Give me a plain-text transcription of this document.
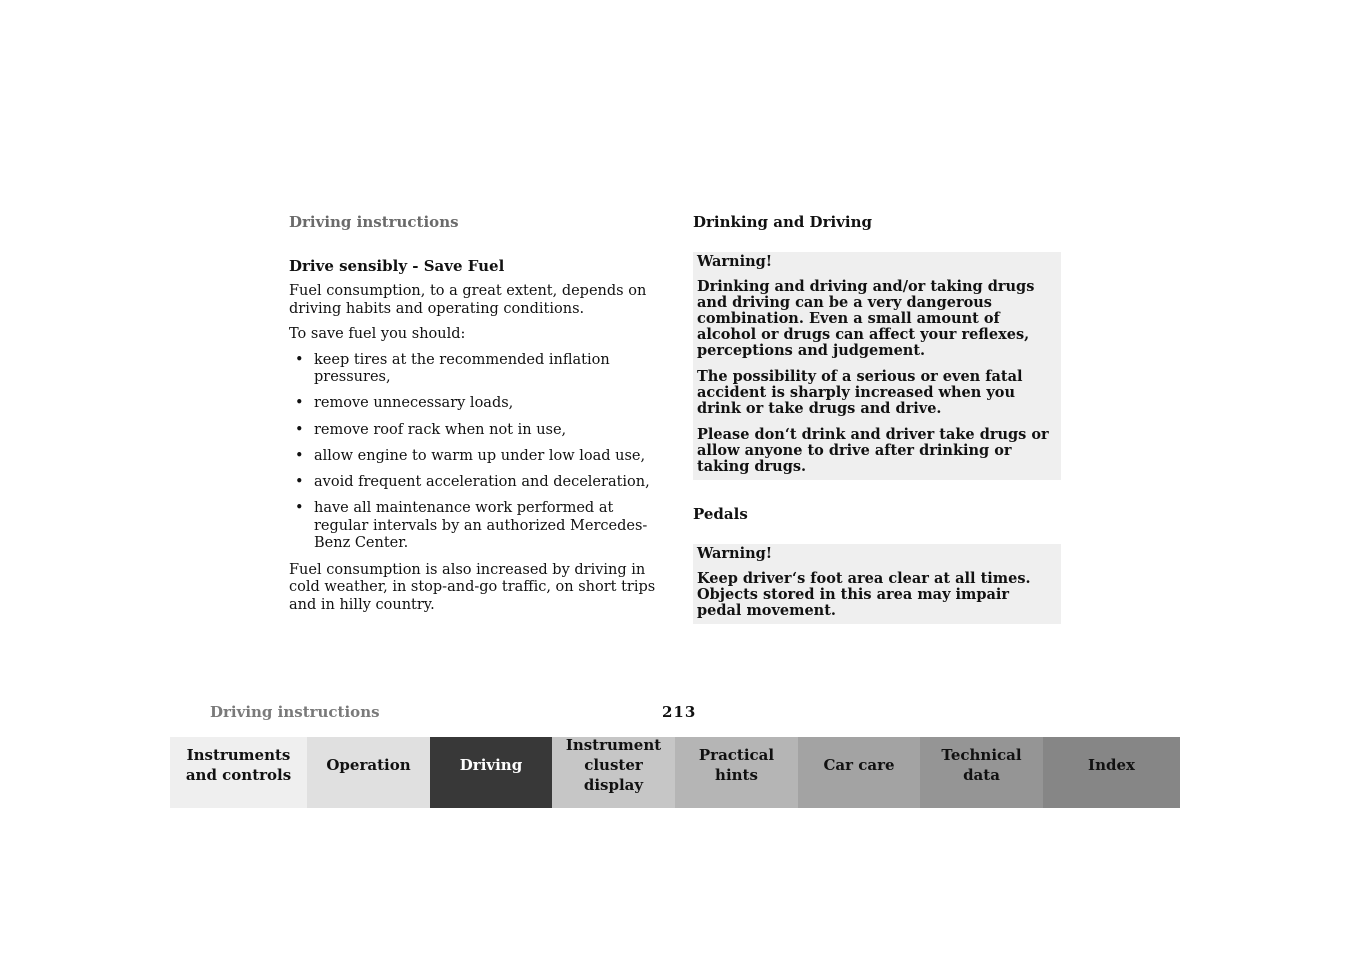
Driving instructions

Drive sensibly - Save Fuel

Fuel consumption, to a great extent, depends on driving habits and operating conditions.

To save fuel you should:

• keep tires at the recommended inflation pressures,
• remove unnecessary loads,
• remove roof rack when not in use,
• allow engine to warm up under low load use,
• avoid frequent acceleration and deceleration,
• have all maintenance work performed at regular intervals by an authorized Mercedes-Benz Center.

Fuel consumption is also increased by driving in cold weather, in stop-and-go traffic, on short trips and in hilly country.

Drinking and Driving

Warning!

Drinking and driving and/or taking drugs and driving can be a very dangerous combination. Even a small amount of alcohol or drugs can affect your reflexes, perceptions and judgement.

The possibility of a serious or even fatal accident is sharply increased when you drink or take drugs and drive.

Please don‘t drink and driver take drugs or allow anyone to drive after drinking or taking drugs.

Pedals

Warning!

Keep driver‘s foot area clear at all times. Objects stored in this area may impair pedal movement.

Driving instructions	213
Instruments
and controls
Operation	Driving
Instrument
cluster display
Practical hints
Car care
Technical
data
Index
